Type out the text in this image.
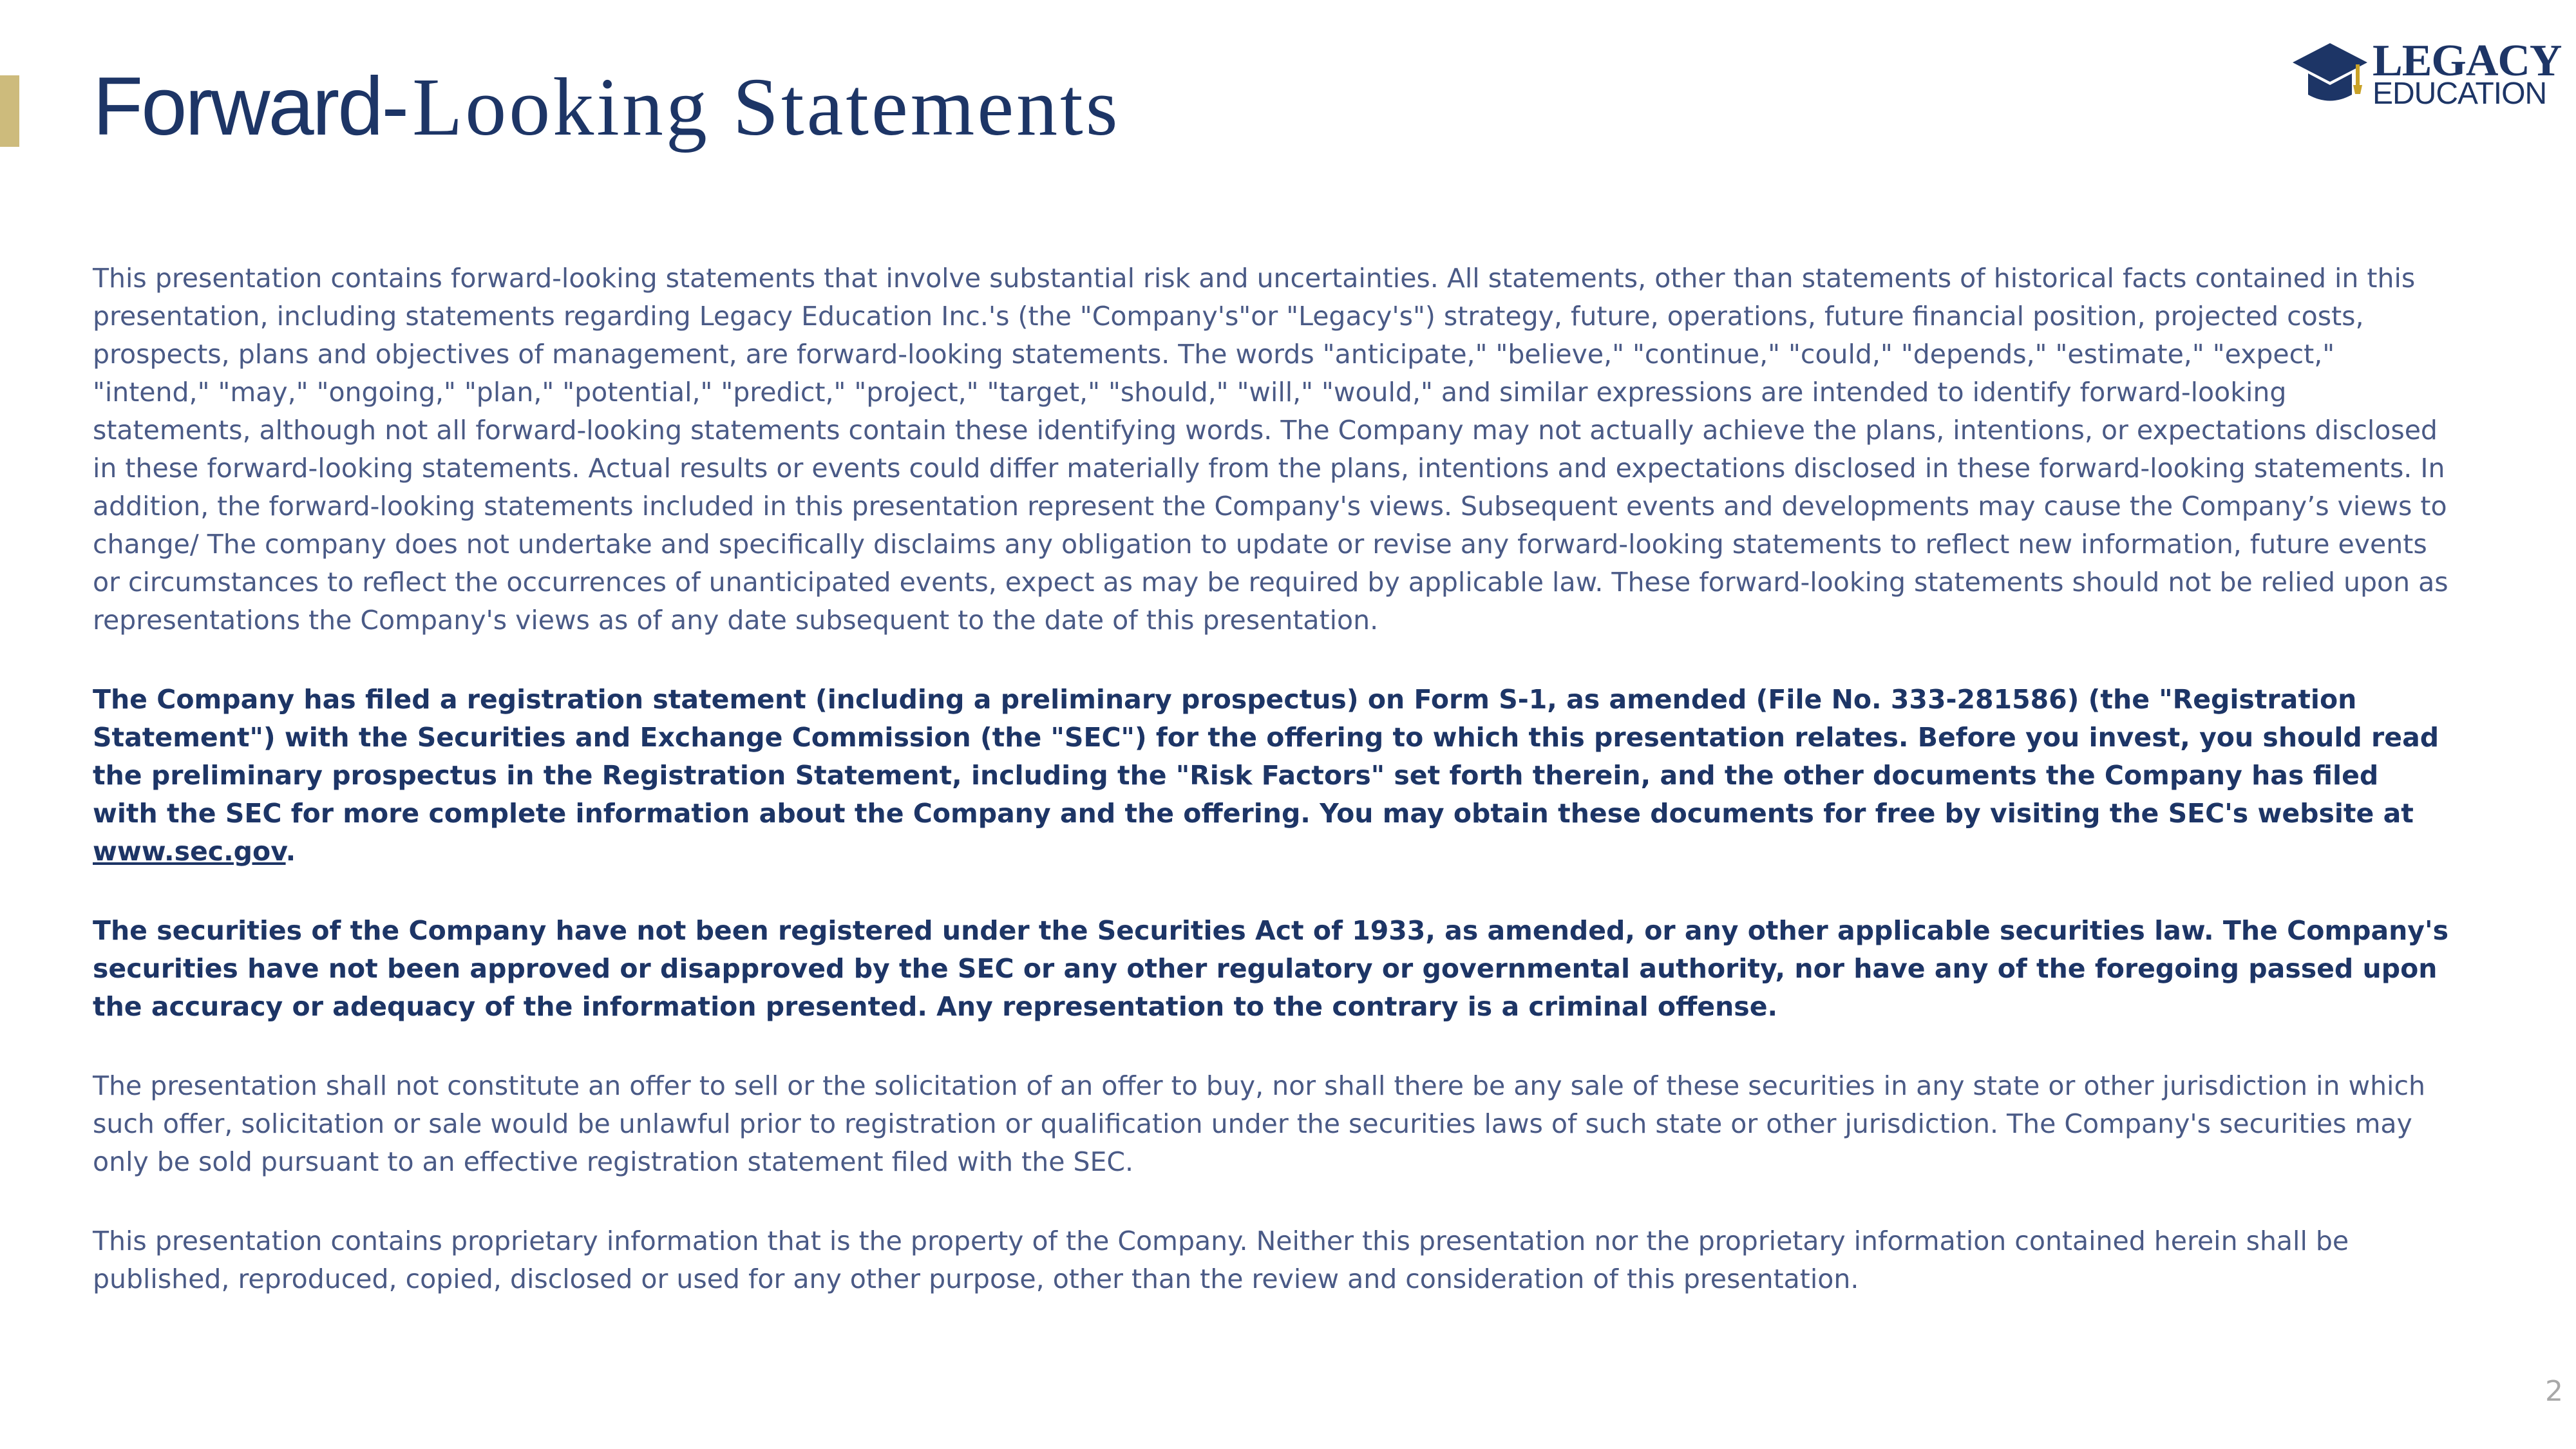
Forward-Looking Statements
LEGACY
EDUCATION

This presentation contains forward-looking statements that involve substantial risk and uncertainties. All statements, other than statements of historical facts contained in this presentation, including statements regarding Legacy Education Inc.'s (the "Company's"or "Legacy's") strategy, future, operations, future financial position, projected costs, prospects, plans and objectives of management, are forward-looking statements. The words "anticipate," "believe," "continue," "could," "depends," "estimate," "expect," "intend," "may," "ongoing," "plan," "potential," "predict," "project," "target," "should," "will," "would," and similar expressions are intended to identify forward-looking statements, although not all forward-looking statements contain these identifying words. The Company may not actually achieve the plans, intentions, or expectations disclosed in these forward-looking statements. Actual results or events could differ materially from the plans, intentions and expectations disclosed in these forward-looking statements. In addition, the forward-looking statements included in this presentation represent the Company's views. Subsequent events and developments may cause the Company’s views to change/ The company does not undertake and specifically disclaims any obligation to update or revise any forward-looking statements to reflect new information, future events or circumstances to reflect the occurrences of unanticipated events, expect as may be required by applicable law. These forward-looking statements should not be relied upon as representations the Company's views as of any date subsequent to the date of this presentation.

The Company has filed a registration statement (including a preliminary prospectus) on Form S-1, as amended (File No. 333-281586) (the "Registration Statement") with the Securities and Exchange Commission (the "SEC") for the offering to which this presentation relates. Before you invest, you should read the preliminary prospectus in the Registration Statement, including the "Risk Factors" set forth therein, and the other documents the Company has filed with the SEC for more complete information about the Company and the offering. You may obtain these documents for free by visiting the SEC's website at www.sec.gov.

The securities of the Company have not been registered under the Securities Act of 1933, as amended, or any other applicable securities law. The Company's securities have not been approved or disapproved by the SEC or any other regulatory or governmental authority, nor have any of the foregoing passed upon the accuracy or adequacy of the information presented. Any representation to the contrary is a criminal offense.

The presentation shall not constitute an offer to sell or the solicitation of an offer to buy, nor shall there be any sale of these securities in any state or other jurisdiction in which such offer, solicitation or sale would be unlawful prior to registration or qualification under the securities laws of such state or other jurisdiction. The Company's securities may only be sold pursuant to an effective registration statement filed with the SEC.

This presentation contains proprietary information that is the property of the Company. Neither this presentation nor the proprietary information contained herein shall be published, reproduced, copied, disclosed or used for any other purpose, other than the review and consideration of this presentation.

2
